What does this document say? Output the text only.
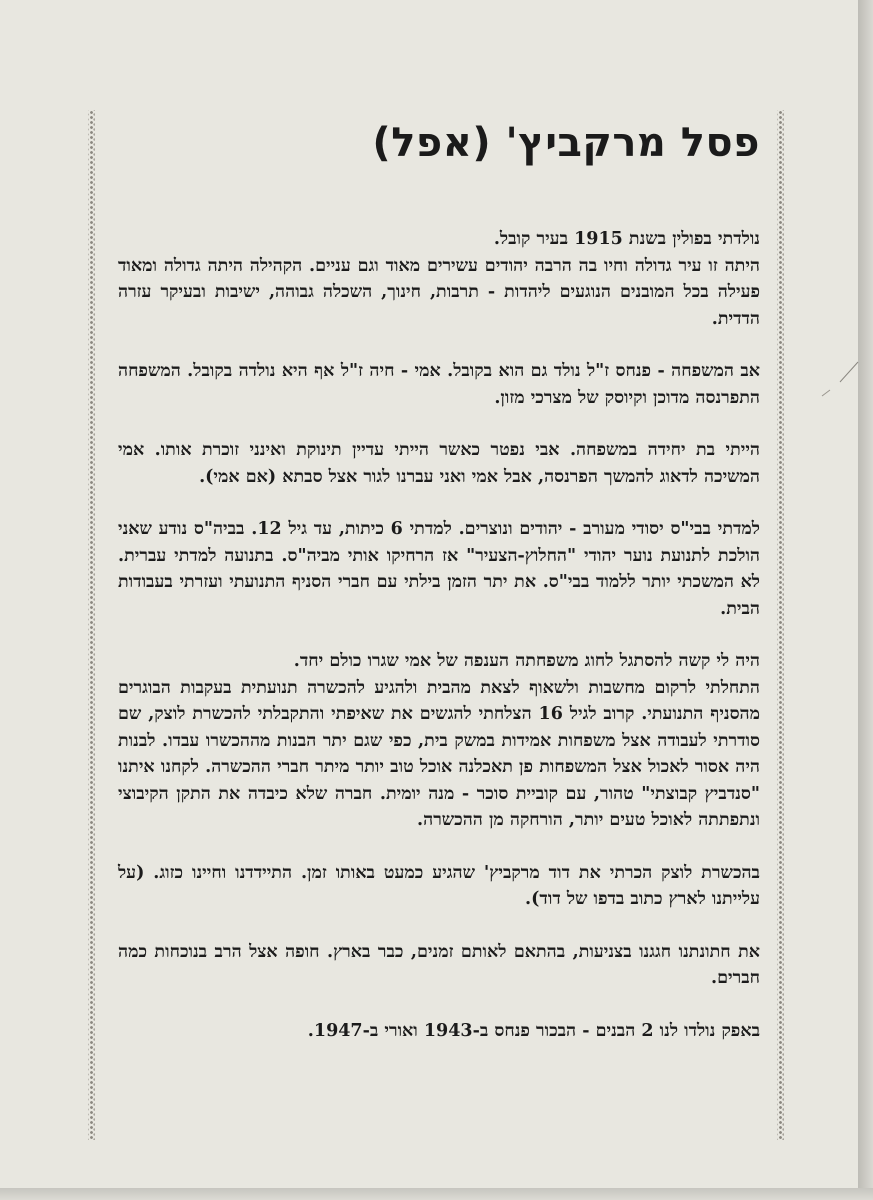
פסל מרקביץ' (אפל)
נולדתי בפולין בשנת 1915 בעיר קובל.
היתה זו עיר גדולה וחיו בה הרבה יהודים עשירים מאוד וגם עניים. הקהילה היתה גדולה ומאוד פעילה בכל המובנים הנוגעים ליהדות - תרבות, חינוך, השכלה גבוהה, ישיבות ובעיקר עזרה הדדית.
אב המשפחה - פנחס ז"ל נולד גם הוא בקובל. אמי - חיה ז"ל אף היא נולדה בקובל. המשפחה התפרנסה מדוכן וקיוסק של מצרכי מזון.
הייתי בת יחידה במשפחה. אבי נפטר כאשר הייתי עדיין תינוקת ואינני זוכרת אותו. אמי המשיכה לדאוג להמשך הפרנסה, אבל אמי ואני עברנו לגור אצל סבתא (אם אמי).
למדתי בבי"ס יסודי מעורב - יהודים ונוצרים. למדתי 6 כיתות, עד גיל 12. בביה"ס נודע שאני הולכת לתנועת נוער יהודי "החלוץ-הצעיר" אז הרחיקו אותי מביה"ס. בתנועה למדתי עברית. לא המשכתי יותר ללמוד בבי"ס. את יתר הזמן בילתי עם חברי הסניף התנועתי ועזרתי בעבודות הבית.
היה לי קשה להסתגל לחוג משפחתה הענפה של אמי שגרו כולם יחד.
התחלתי לרקום מחשבות ולשאוף לצאת מהבית ולהגיע להכשרה תנועתית בעקבות הבוגרים מהסניף התנועתי. קרוב לגיל 16 הצלחתי להגשים את שאיפתי והתקבלתי להכשרת לוצק, שם סודרתי לעבודה אצל משפחות אמידות במשק בית, כפי שגם יתר הבנות מההכשרו עבדו. לבנות היה אסור לאכול אצל המשפחות פן תאכלנה אוכל טוב יותר מיתר חברי ההכשרה. לקחנו איתנו "סנדביץ קבוצתי" טהור, עם קוביית סוכר - מנה יומית. חברה שלא כיבדה את התקן הקיבוצי ונתפתתה לאוכל טעים יותר, הורחקה מן ההכשרה.
בהכשרת לוצק הכרתי את דוד מרקביץ' שהגיע כמעט באותו זמן. התיידדנו וחיינו כזוג. (על עלייתנו לארץ כתוב בדפו של דוד).
את חתונתנו חגגנו בצניעות, בהתאם לאותם זמנים, כבר בארץ. חופה אצל הרב בנוכחות כמה חברים.
באפק נולדו לנו 2 הבנים - הבכור פנחס ב-1943 ואורי ב-1947.
